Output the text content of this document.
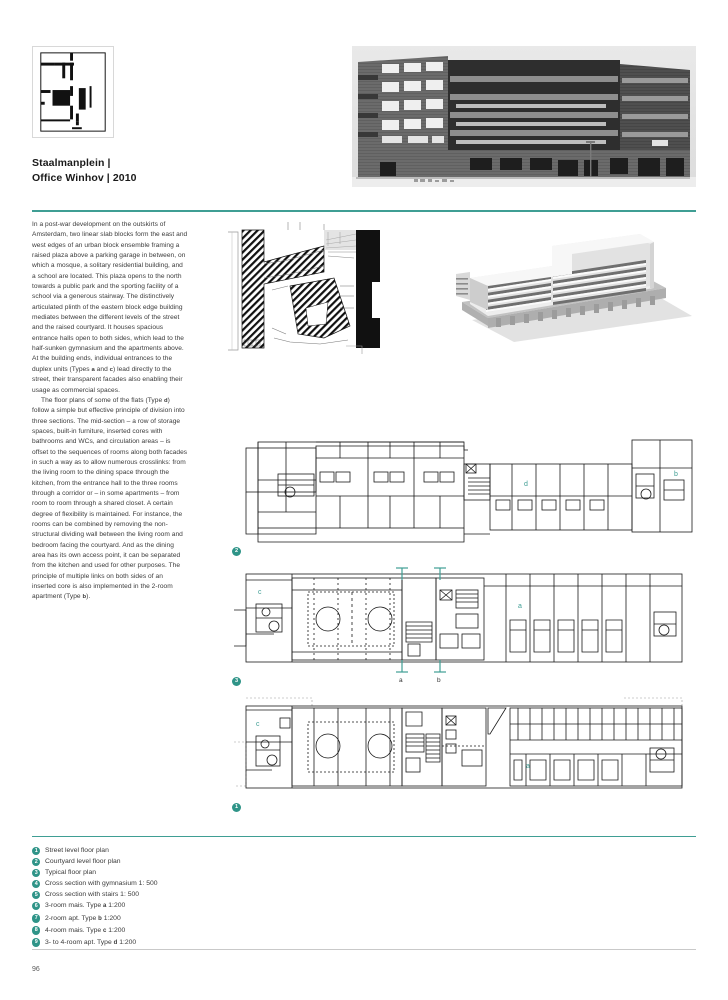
Staalmanplein |
Office Winhov | 2010

In a post-war development on the outskirts of Amsterdam, two linear slab blocks form the east and west edges of an urban block ensemble framing a raised plaza above a parking garage in between, on which a mosque, a solitary residential building, and a school are located. This plaza opens to the north towards a public park and the sporting facility of a school via a generous stairway. The distinctively articulated plinth of the eastern block edge building mediates between the different levels of the street and the raised courtyard. It houses spacious entrance halls open to both sides, which lead to the half-sunken gymnasium and the apartments above. At the building ends, individual entrances to the duplex units (Types a and c) lead directly to the street, their transparent facades also enabling their usage as commercial spaces.

The floor plans of some of the flats (Type d) follow a simple but effective principle of division into three sections. The mid-section – a row of storage spaces, built-in furniture, inserted cores with bathrooms and WCs, and circulation areas – is offset to the sequences of rooms along both facades in such a way as to allow numerous crosslinks: from the living room to the dining space through the kitchen, from the entrance hall to the three rooms through a corridor or – in some apartments – from room to room through a shared closet. A certain degree of flexibility is maintained. For instance, the rooms can be combined by removing the non-structural dividing wall between the living room and bedroom facing the courtyard. And as the dining area has its own access point, it can be separated from the kitchen and used for other purposes. The principle of multiple links on both sides of an inserted core is also implemented in the 2-room apartment (Type b).

d
b
2
a	b
c
a
3
c
a
1
1	Street level floor plan
2	Courtyard level floor plan
3	Typical floor plan
4	Cross section with gymnasium 1: 500
5	Cross section with stairs 1: 500
6	3-room mais. Type a 1:200
7	2-room apt. Type b 1:200
8	4-room mais. Type c 1:200
9	3- to 4-room apt. Type d 1:200
96
